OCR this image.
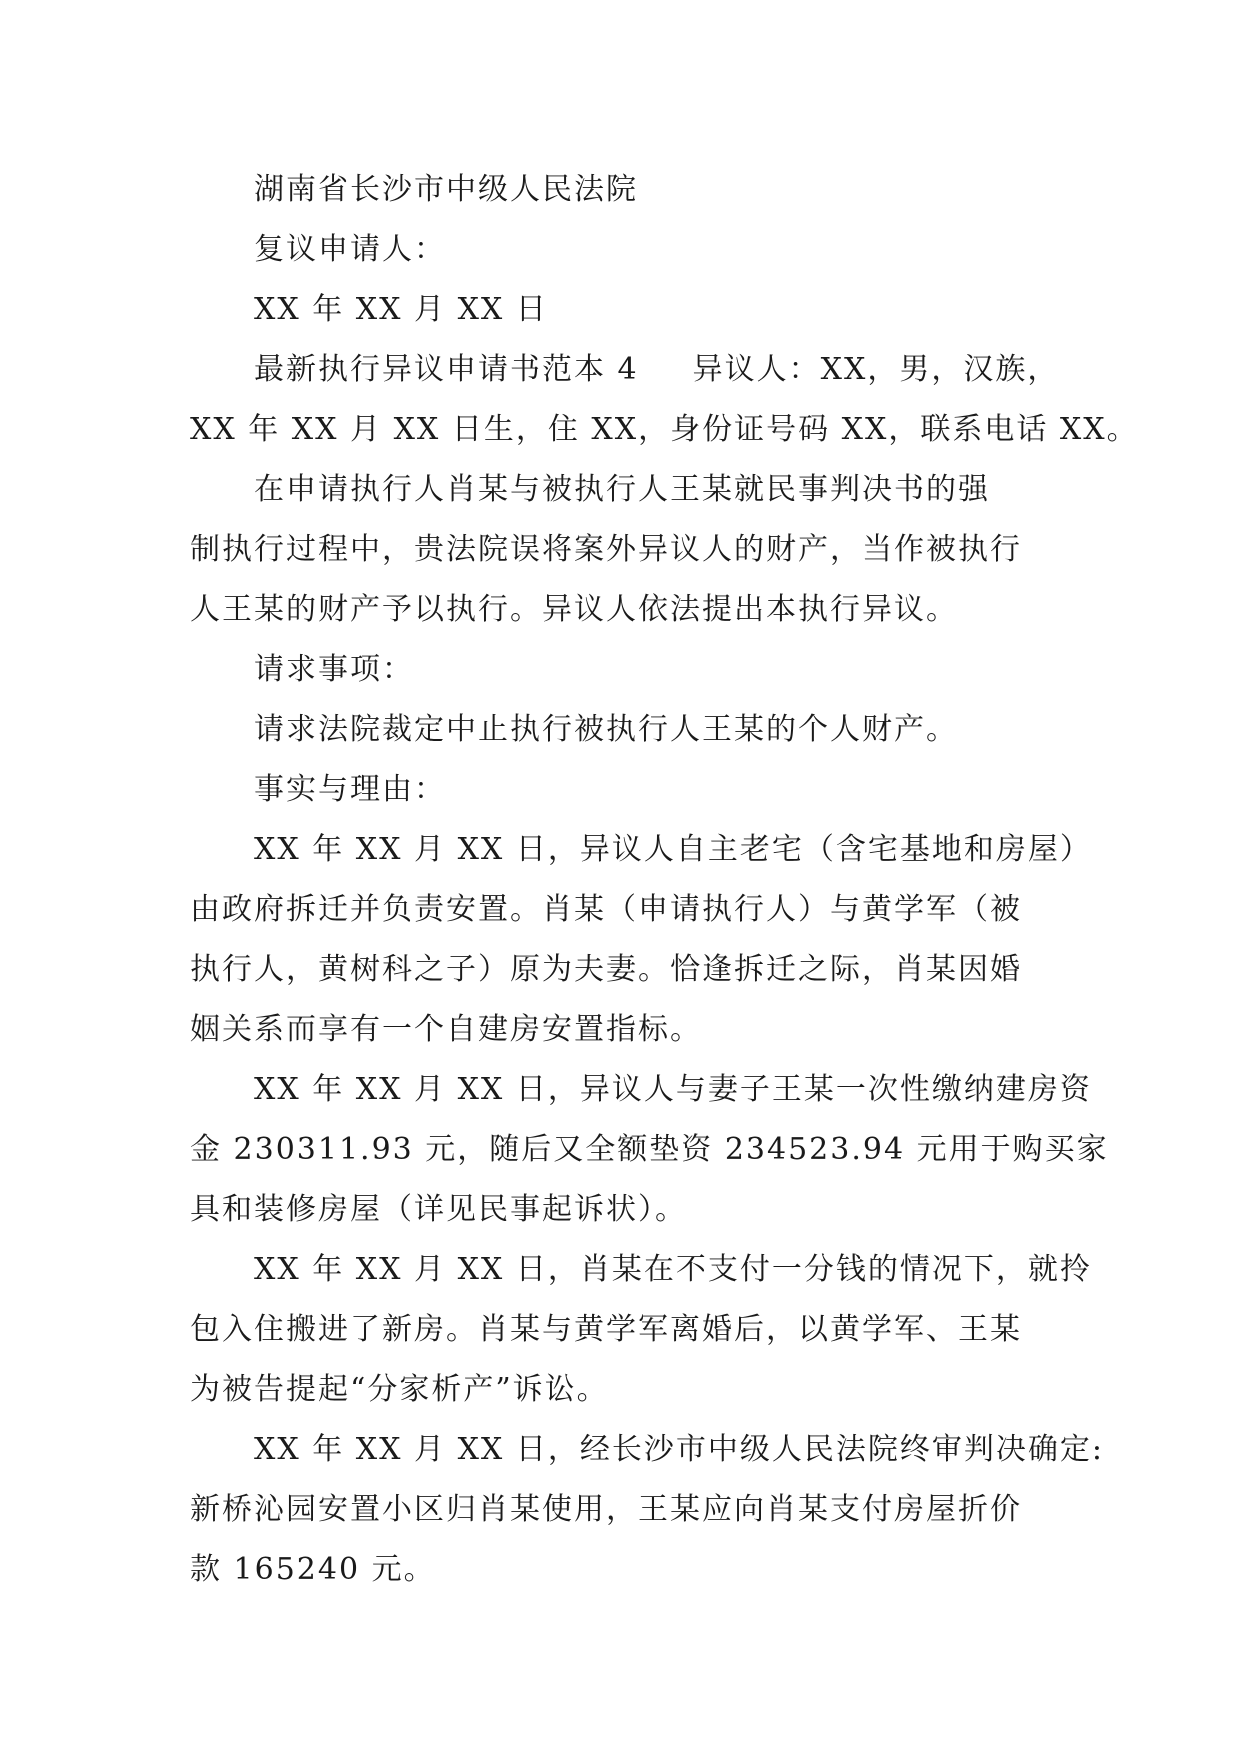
湖南省长沙市中级人民法院
复议申请人：
XX 年 XX 月 XX 日
最新执行异议申请书范本 4 异议人：XX，男，汉族，
XX 年 XX 月 XX 日生，住 XX，身份证号码 XX，联系电话 XX。
在申请执行人肖某与被执行人王某就民事判决书的强
制执行过程中，贵法院误将案外异议人的财产，当作被执行
人王某的财产予以执行。异议人依法提出本执行异议。
请求事项：
请求法院裁定中止执行被执行人王某的个人财产。
事实与理由：
XX 年 XX 月 XX 日，异议人自主老宅（含宅基地和房屋）
由政府拆迁并负责安置。肖某（申请执行人）与黄学军（被
执行人，黄树科之子）原为夫妻。恰逢拆迁之际，肖某因婚
姻关系而享有一个自建房安置指标。
XX 年 XX 月 XX 日，异议人与妻子王某一次性缴纳建房资
金 230311.93 元，随后又全额垫资 234523.94 元用于购买家
具和装修房屋（详见民事起诉状）。
XX 年 XX 月 XX 日，肖某在不支付一分钱的情况下，就拎
包入住搬进了新房。肖某与黄学军离婚后，以黄学军、王某
为被告提起“分家析产”诉讼。
XX 年 XX 月 XX 日，经长沙市中级人民法院终审判决确定:
新桥沁园安置小区归肖某使用，王某应向肖某支付房屋折价
款 165240 元。
